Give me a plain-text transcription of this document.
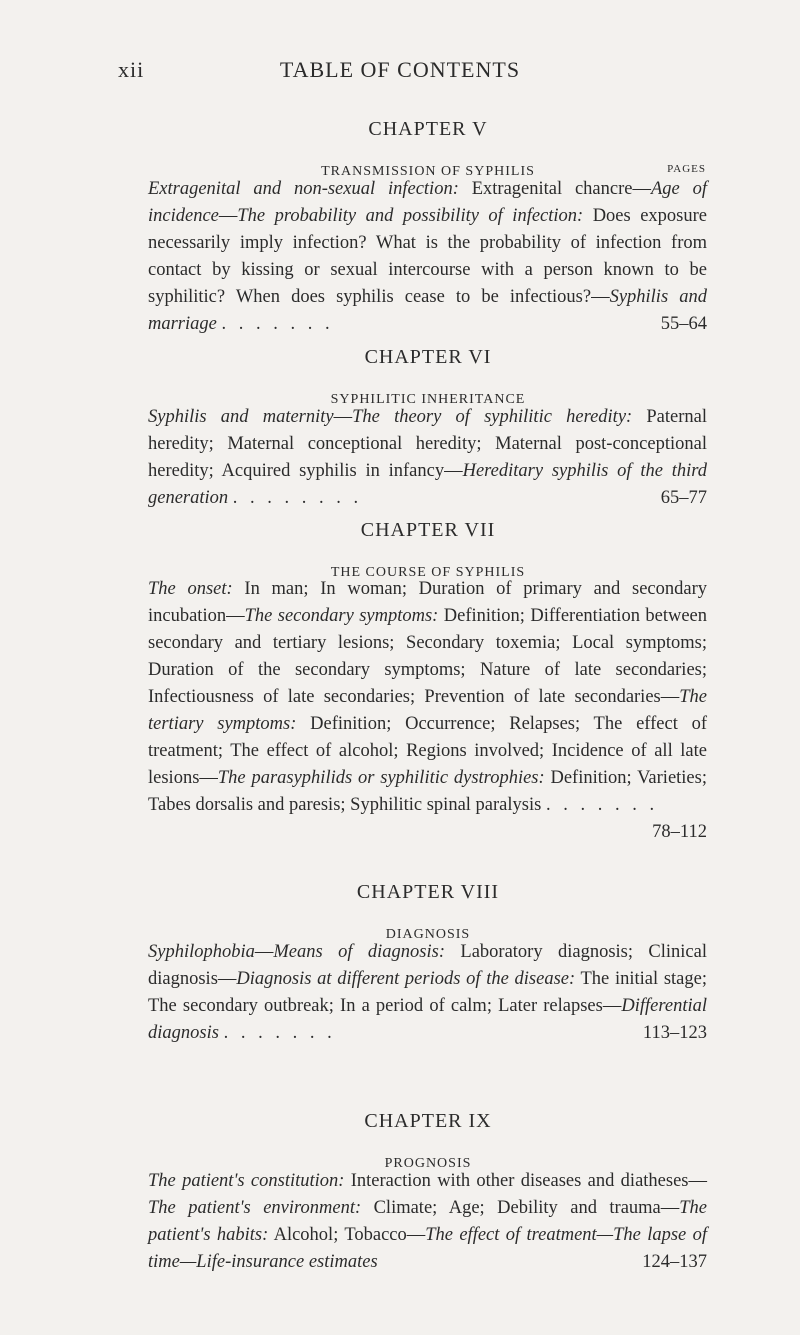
xii	TABLE OF CONTENTS
CHAPTER V
TRANSMISSION OF SYPHILIS	PAGES
Extragenital and non-sexual infection: Extragenital chancre—Age of incidence—The probability and possibility of infection: Does exposure necessarily imply infection? What is the probability of infection from contact by kissing or sexual intercourse with a person known to be syphilitic? When does syphilis cease to be infectious?—Syphilis and marriage . . . . . . .	55–64
CHAPTER VI
SYPHILITIC INHERITANCE
Syphilis and maternity—The theory of syphilitic heredity: Paternal heredity; Maternal conceptional heredity; Maternal post-conceptional heredity; Acquired syphilis in infancy—Hereditary syphilis of the third generation . . . . . . . .	65–77
CHAPTER VII
THE COURSE OF SYPHILIS
The onset: In man; In woman; Duration of primary and secondary incubation—The secondary symptoms: Definition; Differentiation between secondary and tertiary lesions; Secondary toxemia; Local symptoms; Duration of the secondary symptoms; Nature of late secondaries; Infectiousness of late secondaries; Prevention of late secondaries—The tertiary symptoms: Definition; Occurrence; Relapses; The effect of treatment; The effect of alcohol; Regions involved; Incidence of all late lesions—The parasyphilids or syphilitic dystrophies: Definition; Varieties; Tabes dorsalis and paresis; Syphilitic spinal paralysis . . . . . . .
78–112
CHAPTER VIII
DIAGNOSIS
Syphilophobia—Means of diagnosis: Laboratory diagnosis; Clinical diagnosis—Diagnosis at different periods of the disease: The initial stage; The secondary outbreak; In a period of calm; Later relapses—Differential diagnosis . . . . . . .	113–123
CHAPTER IX
PROGNOSIS
The patient's constitution: Interaction with other diseases and diatheses—The patient's environment: Climate; Age; Debility and trauma—The patient's habits: Alcohol; Tobacco—The effect of treatment—The lapse of time—Life-insurance estimates	124–137
